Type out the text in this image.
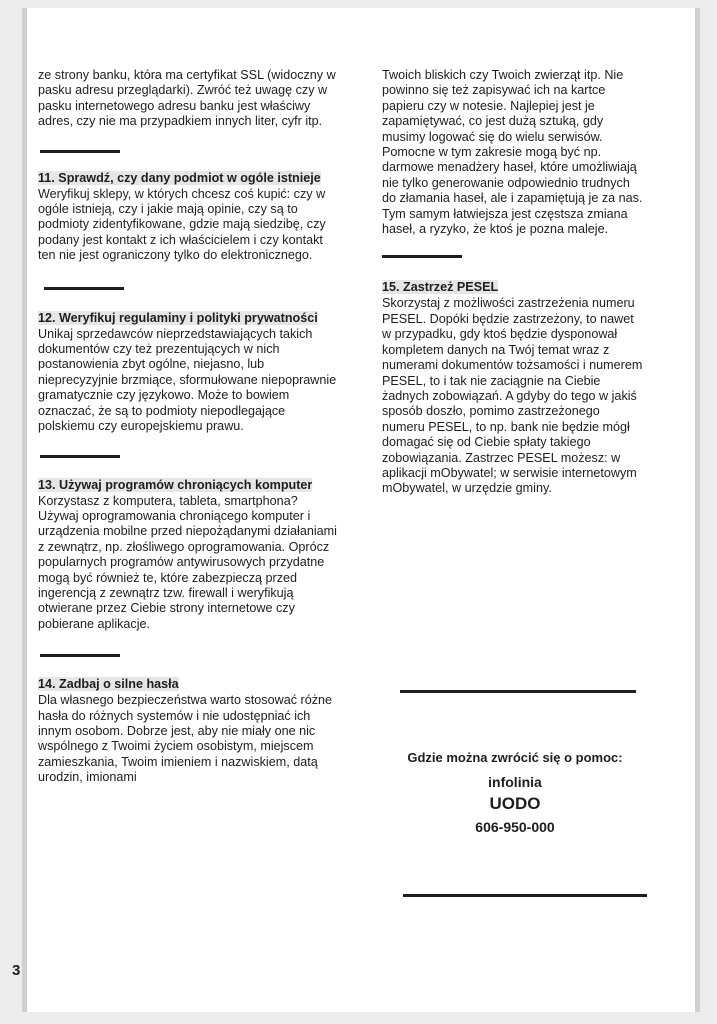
ze strony banku, która ma certyfikat SSL (widoczny w pasku adresu przeglądarki). Zwróć też uwagę czy w pasku internetowego adresu banku jest właściwy adres, czy nie ma przypadkiem innych liter, cyfr itp.

11. Sprawdź, czy dany podmiot w ogóle istnieje

Weryfikuj sklepy, w których chcesz coś kupić: czy w ogóle istnieją, czy i jakie mają opinie, czy są to podmioty zidentyfikowane, gdzie mają siedzibę, czy podany jest kontakt z ich właścicielem i czy kontakt ten nie jest ograniczony tylko do elektronicznego.

12. Weryfikuj regulaminy i polityki prywatności

Unikaj sprzedawców nieprzedstawiających takich dokumentów czy też prezentujących w nich postanowienia zbyt ogólne, niejasno, lub nieprecyzyjnie brzmiące, sformułowane niepoprawnie gramatycznie czy językowo. Może to bowiem oznaczać, że są to podmioty niepodlegające polskiemu czy europejskiemu prawu.

13. Używaj programów chroniących komputer

Korzystasz z komputera, tableta, smartphona? Używaj oprogramowania chroniącego komputer i urządzenia mobilne przed niepożądanymi działaniami z zewnątrz, np. złośliwego oprogramowania. Oprócz popularnych programów antywirusowych przydatne mogą być również te, które zabezpieczą przed ingerencją z zewnątrz tzw. firewall i weryfikują otwierane przez Ciebie strony internetowe czy pobierane aplikacje.

14. Zadbaj o silne hasła

Dla własnego bezpieczeństwa warto stosować różne hasła do różnych systemów i nie udostępniać ich innym osobom. Dobrze jest, aby nie miały one nic wspólnego z Twoimi życiem osobistym, miejscem zamieszkania, Twoim imieniem i nazwiskiem, datą urodzin, imionami

Twoich bliskich czy Twoich zwierząt itp. Nie powinno się też zapisywać ich na kartce papieru czy w notesie. Najlepiej jest je zapamiętywać, co jest dużą sztuką, gdy musimy logować się do wielu serwisów. Pomocne w tym zakresie mogą być np. darmowe menadżery haseł, które umożliwiają nie tylko generowanie odpowiednio trudnych do złamania haseł, ale i zapamiętują je za nas. Tym samym łatwiejsza jest częstsza zmiana haseł, a ryzyko, że ktoś je pozna maleje.

15. Zastrzeż PESEL

Skorzystaj z możliwości zastrzeżenia numeru PESEL. Dopóki będzie zastrzeżony, to nawet w przypadku, gdy ktoś będzie dysponował kompletem danych na Twój temat wraz z numerami dokumentów tożsamości i numerem PESEL, to i tak nie zaciągnie na Ciebie żadnych zobowiązań. A gdyby do tego w jakiś sposób doszło, pomimo zastrzeżonego numeru PESEL, to np. bank nie będzie mógł domagać się od Ciebie spłaty takiego zobowiązania. Zastrzec PESEL możesz: w aplikacji mObywatel; w serwisie internetowym mObywatel, w urzędzie gminy.

Gdzie można zwrócić się o pomoc:
infolinia
UODO
606-950-000
3
